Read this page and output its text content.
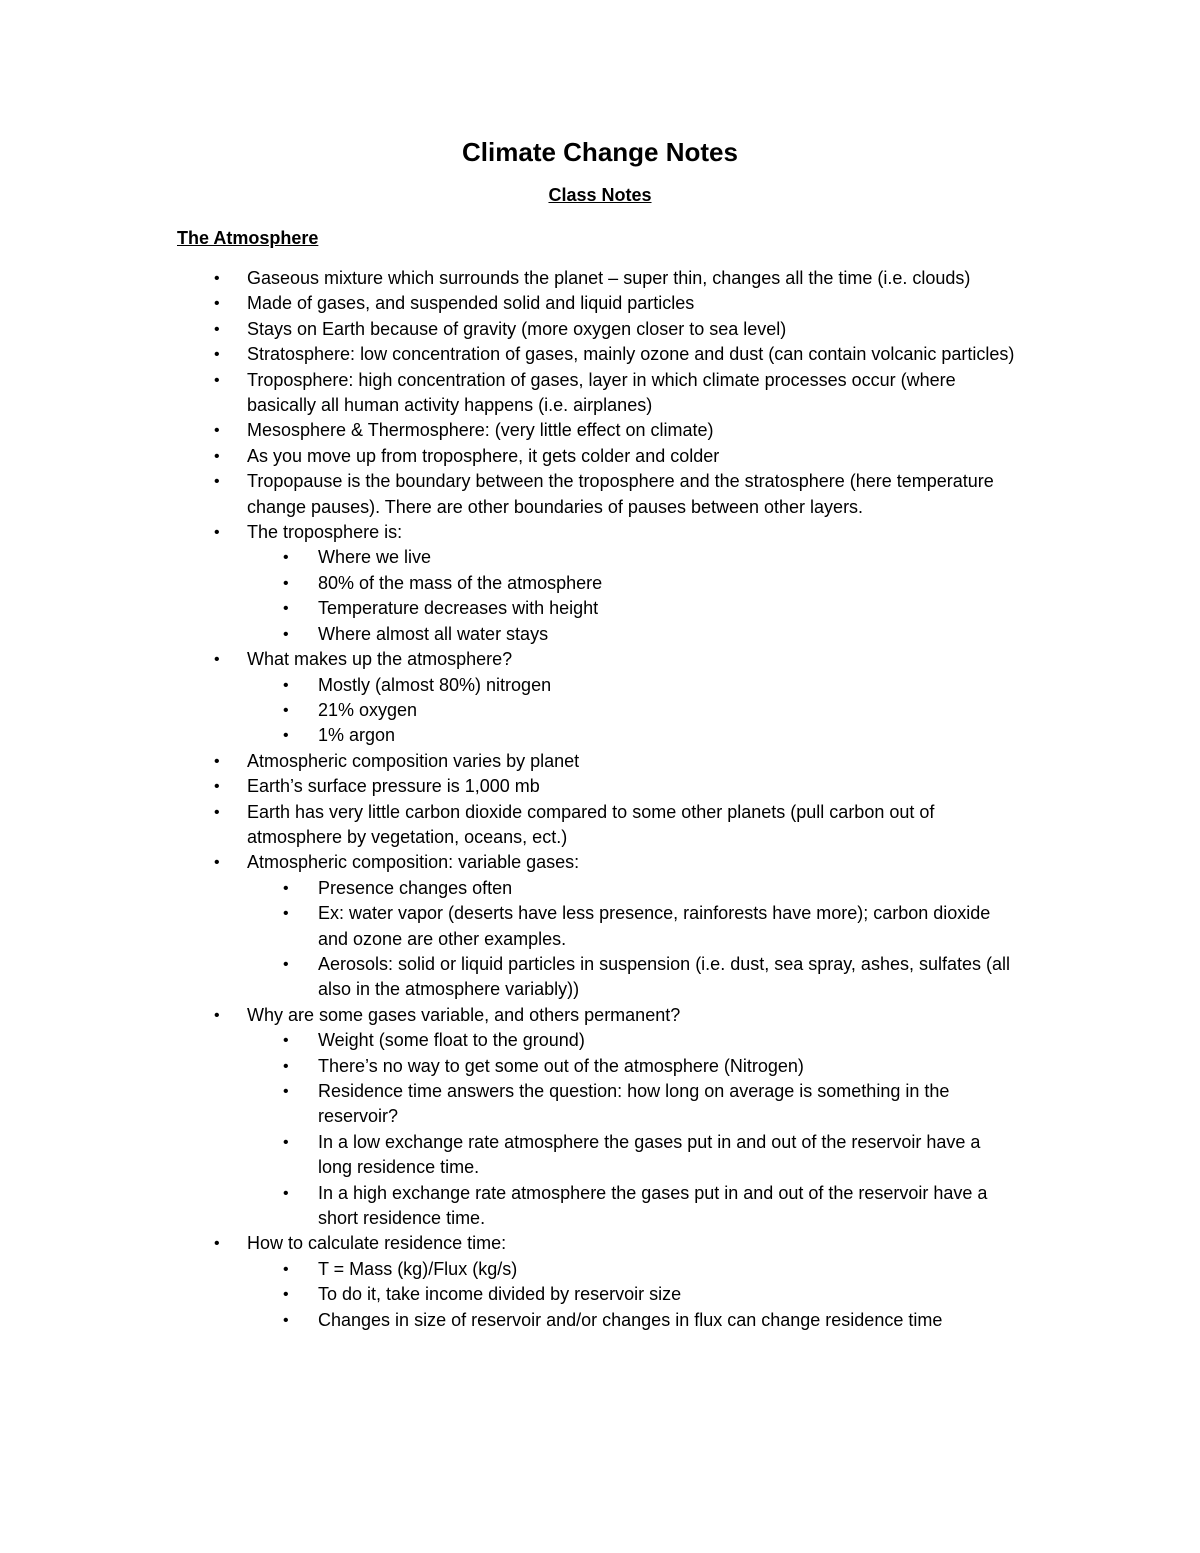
Climate Change Notes
Class Notes
The Atmosphere
• Gaseous mixture which surrounds the planet – super thin, changes all the time (i.e. clouds)
• Made of gases, and suspended solid and liquid particles
• Stays on Earth because of gravity (more oxygen closer to sea level)
• Stratosphere: low concentration of gases, mainly ozone and dust (can contain volcanic particles)
• Troposphere: high concentration of gases, layer in which climate processes occur (where basically all human activity happens (i.e. airplanes)
• Mesosphere & Thermosphere: (very little effect on climate)
• As you move up from troposphere, it gets colder and colder
• Tropopause is the boundary between the troposphere and the stratosphere (here temperature change pauses). There are other boundaries of pauses between other layers.
• The troposphere is:
• Where we live
• 80% of the mass of the atmosphere
• Temperature decreases with height
• Where almost all water stays
• What makes up the atmosphere?
• Mostly (almost 80%) nitrogen
• 21% oxygen
• 1% argon
• Atmospheric composition varies by planet
• Earth’s surface pressure is 1,000 mb
• Earth has very little carbon dioxide compared to some other planets (pull carbon out of atmosphere by vegetation, oceans, ect.)
• Atmospheric composition: variable gases:
• Presence changes often
• Ex: water vapor (deserts have less presence, rainforests have more); carbon dioxide and ozone are other examples.
• Aerosols: solid or liquid particles in suspension (i.e. dust, sea spray, ashes, sulfates (all also in the atmosphere variably))
• Why are some gases variable, and others permanent?
• Weight (some float to the ground)
• There’s no way to get some out of the atmosphere (Nitrogen)
• Residence time answers the question: how long on average is something in the reservoir?
• In a low exchange rate atmosphere the gases put in and out of the reservoir have a long residence time.
• In a high exchange rate atmosphere the gases put in and out of the reservoir have a short residence time.
• How to calculate residence time:
• T = Mass (kg)/Flux (kg/s)
• To do it, take income divided by reservoir size
• Changes in size of reservoir and/or changes in flux can change residence time
